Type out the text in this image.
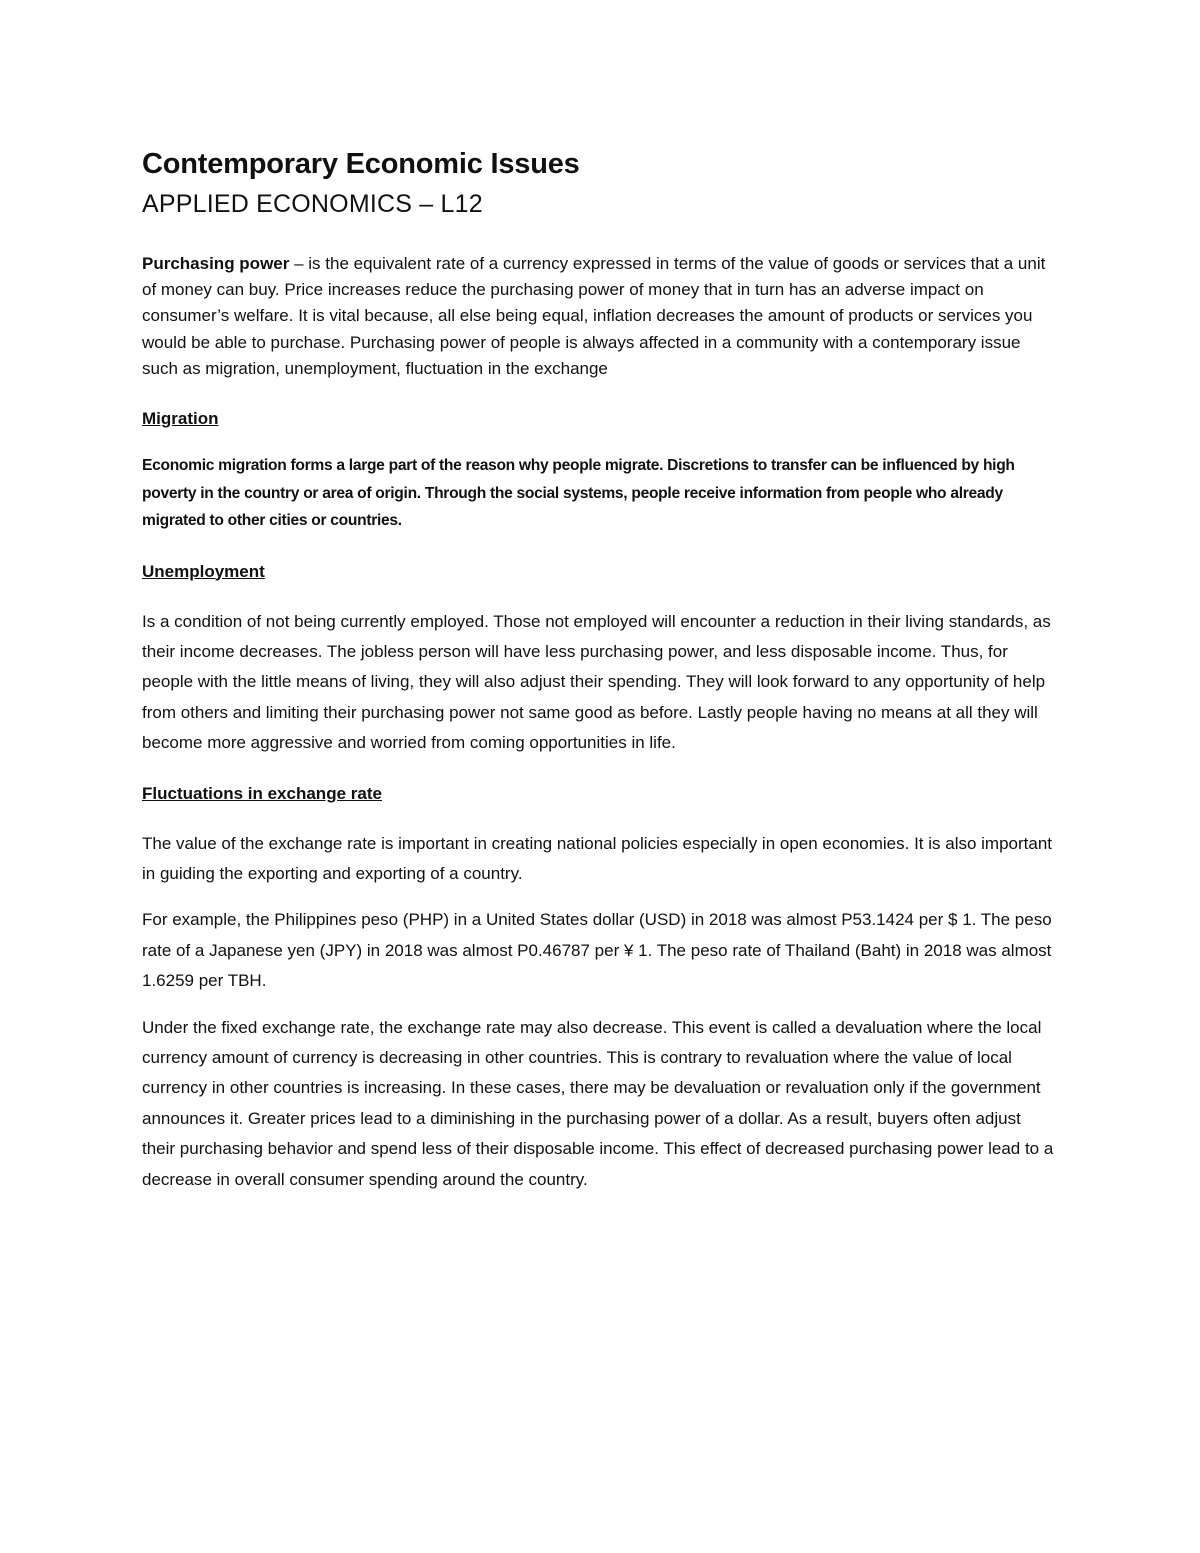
Contemporary Economic Issues
APPLIED ECONOMICS – L12

Purchasing power – is the equivalent rate of a currency expressed in terms of the value of goods or services that a unit of money can buy. Price increases reduce the purchasing power of money that in turn has an adverse impact on consumer’s welfare. It is vital because, all else being equal, inflation decreases the amount of products or services you would be able to purchase. Purchasing power of people is always affected in a community with a contemporary issue such as migration, unemployment, fluctuation in the exchange

Migration

Economic migration forms a large part of the reason why people migrate. Discretions to transfer can be influenced by high poverty in the country or area of origin. Through the social systems, people receive information from people who already migrated to other cities or countries.

Unemployment

Is a condition of not being currently employed. Those not employed will encounter a reduction in their living standards, as their income decreases. The jobless person will have less purchasing power, and less disposable income. Thus, for people with the little means of living, they will also adjust their spending. They will look forward to any opportunity of help from others and limiting their purchasing power not same good as before. Lastly people having no means at all they will become more aggressive and worried from coming opportunities in life.

Fluctuations in exchange rate

The value of the exchange rate is important in creating national policies especially in open economies. It is also important in guiding the exporting and exporting of a country.

For example, the Philippines peso (PHP) in a United States dollar (USD) in 2018 was almost P53.1424 per $ 1. The peso rate of a Japanese yen (JPY) in 2018 was almost P0.46787 per ¥ 1. The peso rate of Thailand (Baht) in 2018 was almost 1.6259 per TBH.

Under the fixed exchange rate, the exchange rate may also decrease. This event is called a devaluation where the local currency amount of currency is decreasing in other countries. This is contrary to revaluation where the value of local currency in other countries is increasing. In these cases, there may be devaluation or revaluation only if the government announces it. Greater prices lead to a diminishing in the purchasing power of a dollar. As a result, buyers often adjust their purchasing behavior and spend less of their disposable income. This effect of decreased purchasing power lead to a decrease in overall consumer spending around the country.
